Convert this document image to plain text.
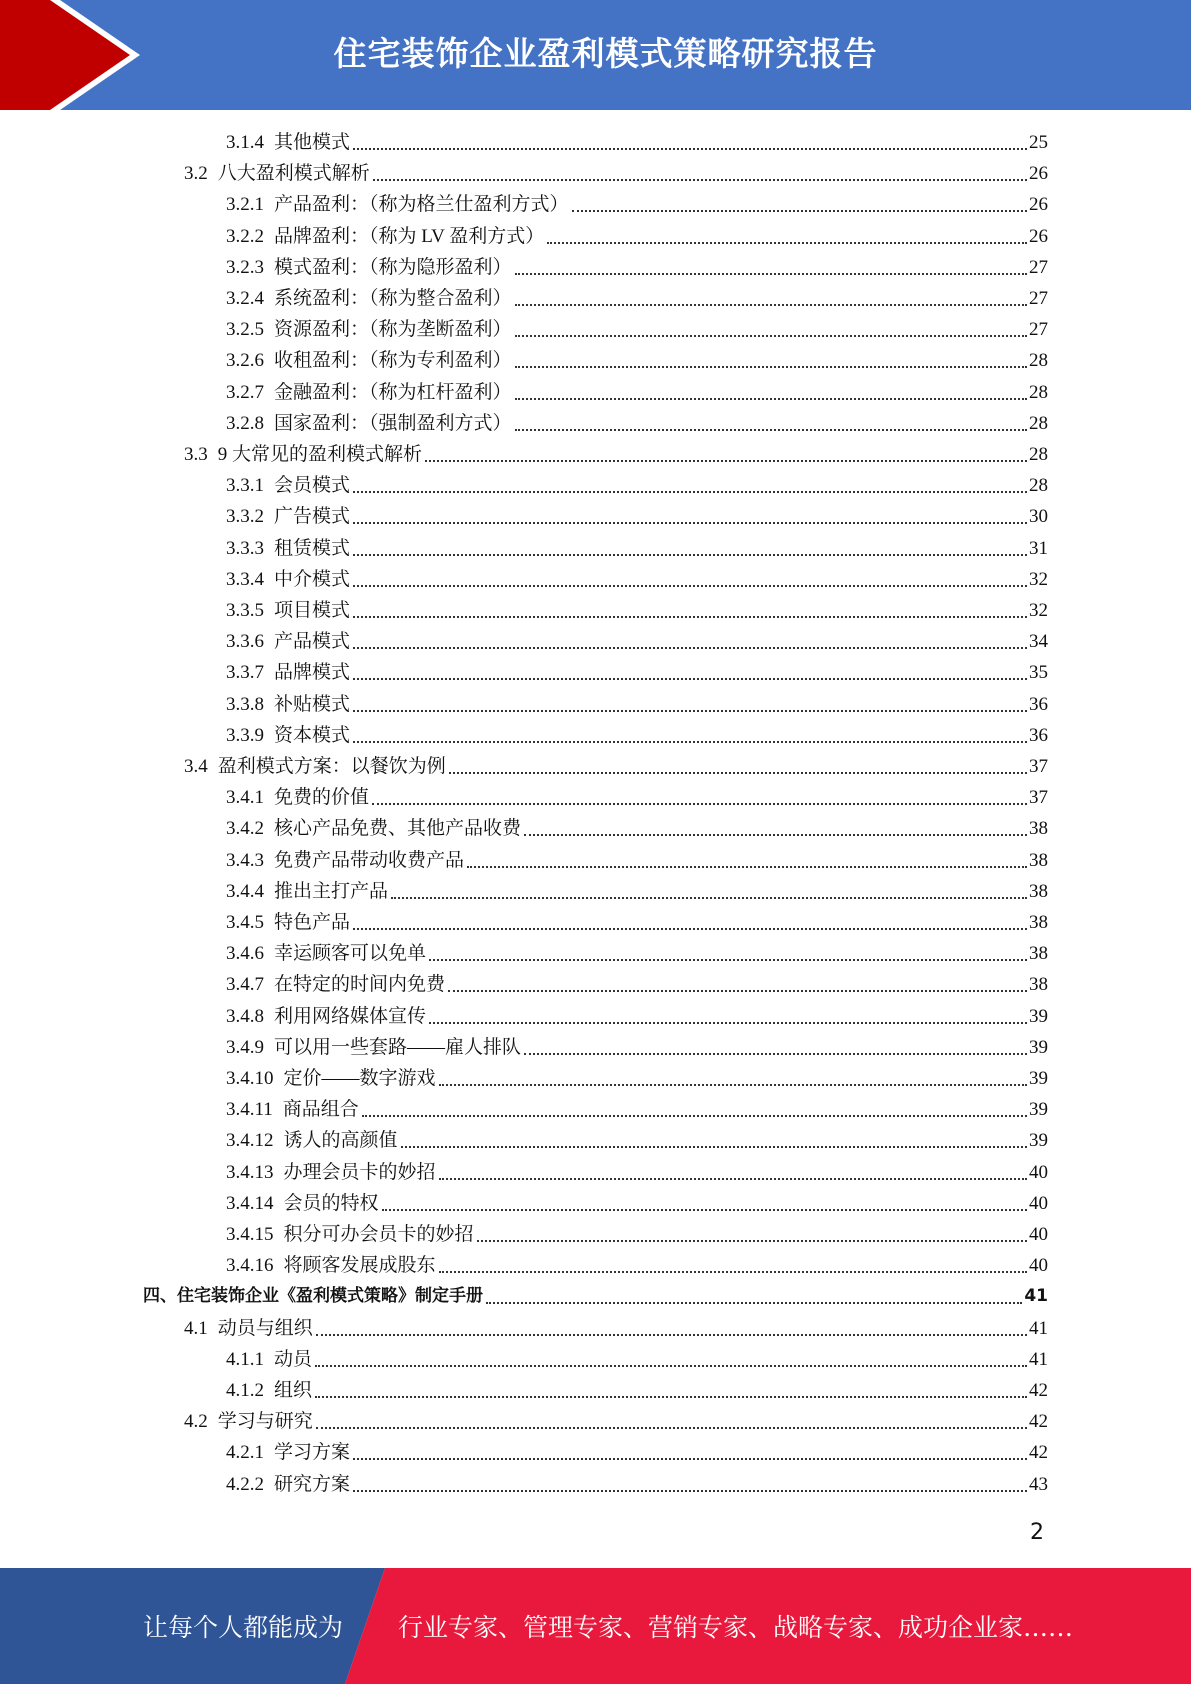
住宅装饰企业盈利模式策略研究报告
3.1.4 其他模式	25
3.2 八大盈利模式解析	26
3.2.1 产品盈利：（称为格兰仕盈利方式）	26
3.2.2 品牌盈利：（称为 LV 盈利方式）	26
3.2.3 模式盈利：（称为隐形盈利）	27
3.2.4 系统盈利：（称为整合盈利）	27
3.2.5 资源盈利：（称为垄断盈利）	27
3.2.6 收租盈利：（称为专利盈利）	28
3.2.7 金融盈利：（称为杠杆盈利）	28
3.2.8 国家盈利：（强制盈利方式）	28
3.3 9 大常见的盈利模式解析	28
3.3.1 会员模式	28
3.3.2 广告模式	30
3.3.3 租赁模式	31
3.3.4 中介模式	32
3.3.5 项目模式	32
3.3.6 产品模式	34
3.3.7 品牌模式	35
3.3.8 补贴模式	36
3.3.9 资本模式	36
3.4 盈利模式方案：以餐饮为例	37
3.4.1 免费的价值	37
3.4.2 核心产品免费、其他产品收费	38
3.4.3 免费产品带动收费产品	38
3.4.4 推出主打产品	38
3.4.5 特色产品	38
3.4.6 幸运顾客可以免单	38
3.4.7 在特定的时间内免费	38
3.4.8 利用网络媒体宣传	39
3.4.9 可以用一些套路——雇人排队	39
3.4.10 定价——数字游戏	39
3.4.11 商品组合	39
3.4.12 诱人的高颜值	39
3.4.13 办理会员卡的妙招	40
3.4.14 会员的特权	40
3.4.15 积分可办会员卡的妙招	40
3.4.16 将顾客发展成股东	40
四、住宅装饰企业《盈利模式策略》制定手册	41
4.1 动员与组织	41
4.1.1 动员	41
4.1.2 组织	42
4.2 学习与研究	42
4.2.1 学习方案	42
4.2.2 研究方案	43
2
让每个人都能成为 行业专家、管理专家、营销专家、战略专家、成功企业家……
